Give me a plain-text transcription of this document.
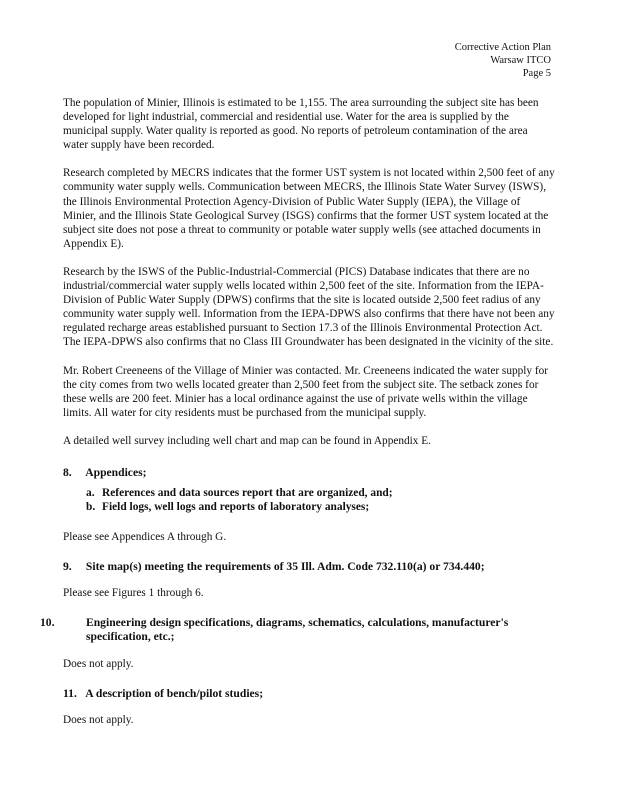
Corrective Action Plan
Warsaw ITCO
Page 5

The population of Minier, Illinois is estimated to be 1,155. The area surrounding the subject site has been developed for light industrial, commercial and residential use. Water for the area is supplied by the municipal supply. Water quality is reported as good. No reports of petroleum contamination of the area water supply have been recorded.

Research completed by MECRS indicates that the former UST system is not located within 2,500 feet of any community water supply wells. Communication between MECRS, the Illinois State Water Survey (ISWS), the Illinois Environmental Protection Agency-Division of Public Water Supply (IEPA), the Village of Minier, and the Illinois State Geological Survey (ISGS) confirms that the former UST system located at the subject site does not pose a threat to community or potable water supply wells (see attached documents in Appendix E).

Research by the ISWS of the Public-Industrial-Commercial (PICS) Database indicates that there are no industrial/commercial water supply wells located within 2,500 feet of the site. Information from the IEPA-Division of Public Water Supply (DPWS) confirms that the site is located outside 2,500 feet radius of any community water supply well. Information from the IEPA-DPWS also confirms that there have not been any regulated recharge areas established pursuant to Section 17.3 of the Illinois Environmental Protection Act. The IEPA-DPWS also confirms that no Class III Groundwater has been designated in the vicinity of the site.

Mr. Robert Creeneens of the Village of Minier was contacted. Mr. Creeneens indicated the water supply for the city comes from two wells located greater than 2,500 feet from the subject site. The setback zones for these wells are 200 feet. Minier has a local ordinance against the use of private wells within the village limits. All water for city residents must be purchased from the municipal supply.

A detailed well survey including well chart and map can be found in Appendix E.

8. Appendices;
a. References and data sources report that are organized, and;
b. Field logs, well logs and reports of laboratory analyses;

Please see Appendices A through G.

9. Site map(s) meeting the requirements of 35 Ill. Adm. Code 732.110(a) or 734.440;

Please see Figures 1 through 6.

10.	Engineering design specifications, diagrams, schematics, calculations, manufacturer's specification, etc.;

Does not apply.

11. A description of bench/pilot studies;

Does not apply.
